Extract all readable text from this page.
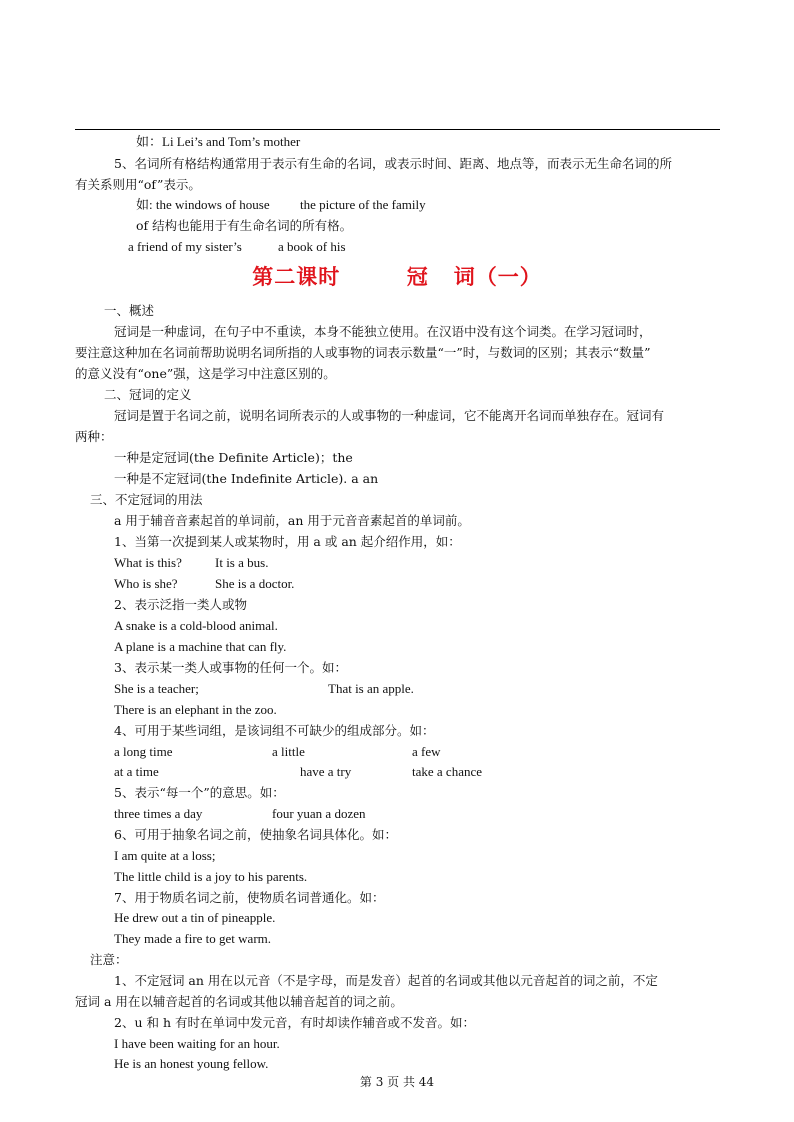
如：Li Lei’s and Tom’s mother
5、名词所有格结构通常用于表示有生命的名词，或表示时间、距离、地点等，而表示无生命名词的所
有关系则用“of”表示。
如: the windows of house the picture of the family
of 结构也能用于有生命名词的所有格。
a friend of my sister’s	a book of his
第二课时        冠   词（一）
一、概述
冠词是一种虚词，在句子中不重读，本身不能独立使用。在汉语中没有这个词类。在学习冠词时，
要注意这种加在名词前帮助说明名词所指的人或事物的词表示数量“一”时，与数词的区别；其表示“数量”
的意义没有“one”强，这是学习中注意区别的。
二、冠词的定义
冠词是置于名词之前，说明名词所表示的人或事物的一种虚词，它不能离开名词而单独存在。冠词有
两种：
一种是定冠词(the Definite Article)；the
一种是不定冠词(the Indefinite Article). a an
三、不定冠词的用法
a 用于辅音音素起首的单词前，an 用于元音音素起首的单词前。
1、当第一次提到某人或某物时，用 a 或 an 起介绍作用，如：
What is this?	It is a bus.
Who is she?	She is a doctor.
2、表示泛指一类人或物
A snake is a cold-blood animal.
A plane is a machine that can fly.
3、表示某一类人或事物的任何一个。如：
She is a teacher;	That is an apple.
There is an elephant in the zoo.
4、可用于某些词组，是该词组不可缺少的组成部分。如：
a long time	a little	a few
at a time	have a try	take a chance
5、表示“每一个”的意思。如：
three times a day	four yuan a dozen
6、可用于抽象名词之前，使抽象名词具体化。如：
I am quite at a loss;
The little child is a joy to his parents.
7、用于物质名词之前，使物质名词普通化。如：
He drew out a tin of pineapple.
They made a fire to get warm.
注意：
1、不定冠词 an 用在以元音（不是字母，而是发音）起首的名词或其他以元音起首的词之前，不定
冠词 a 用在以辅音起首的名词或其他以辅音起首的词之前。
2、u 和 h 有时在单词中发元音，有时却读作辅音或不发音。如：
I have been waiting for an hour.
He is an honest young fellow.
第 3 页 共 44
